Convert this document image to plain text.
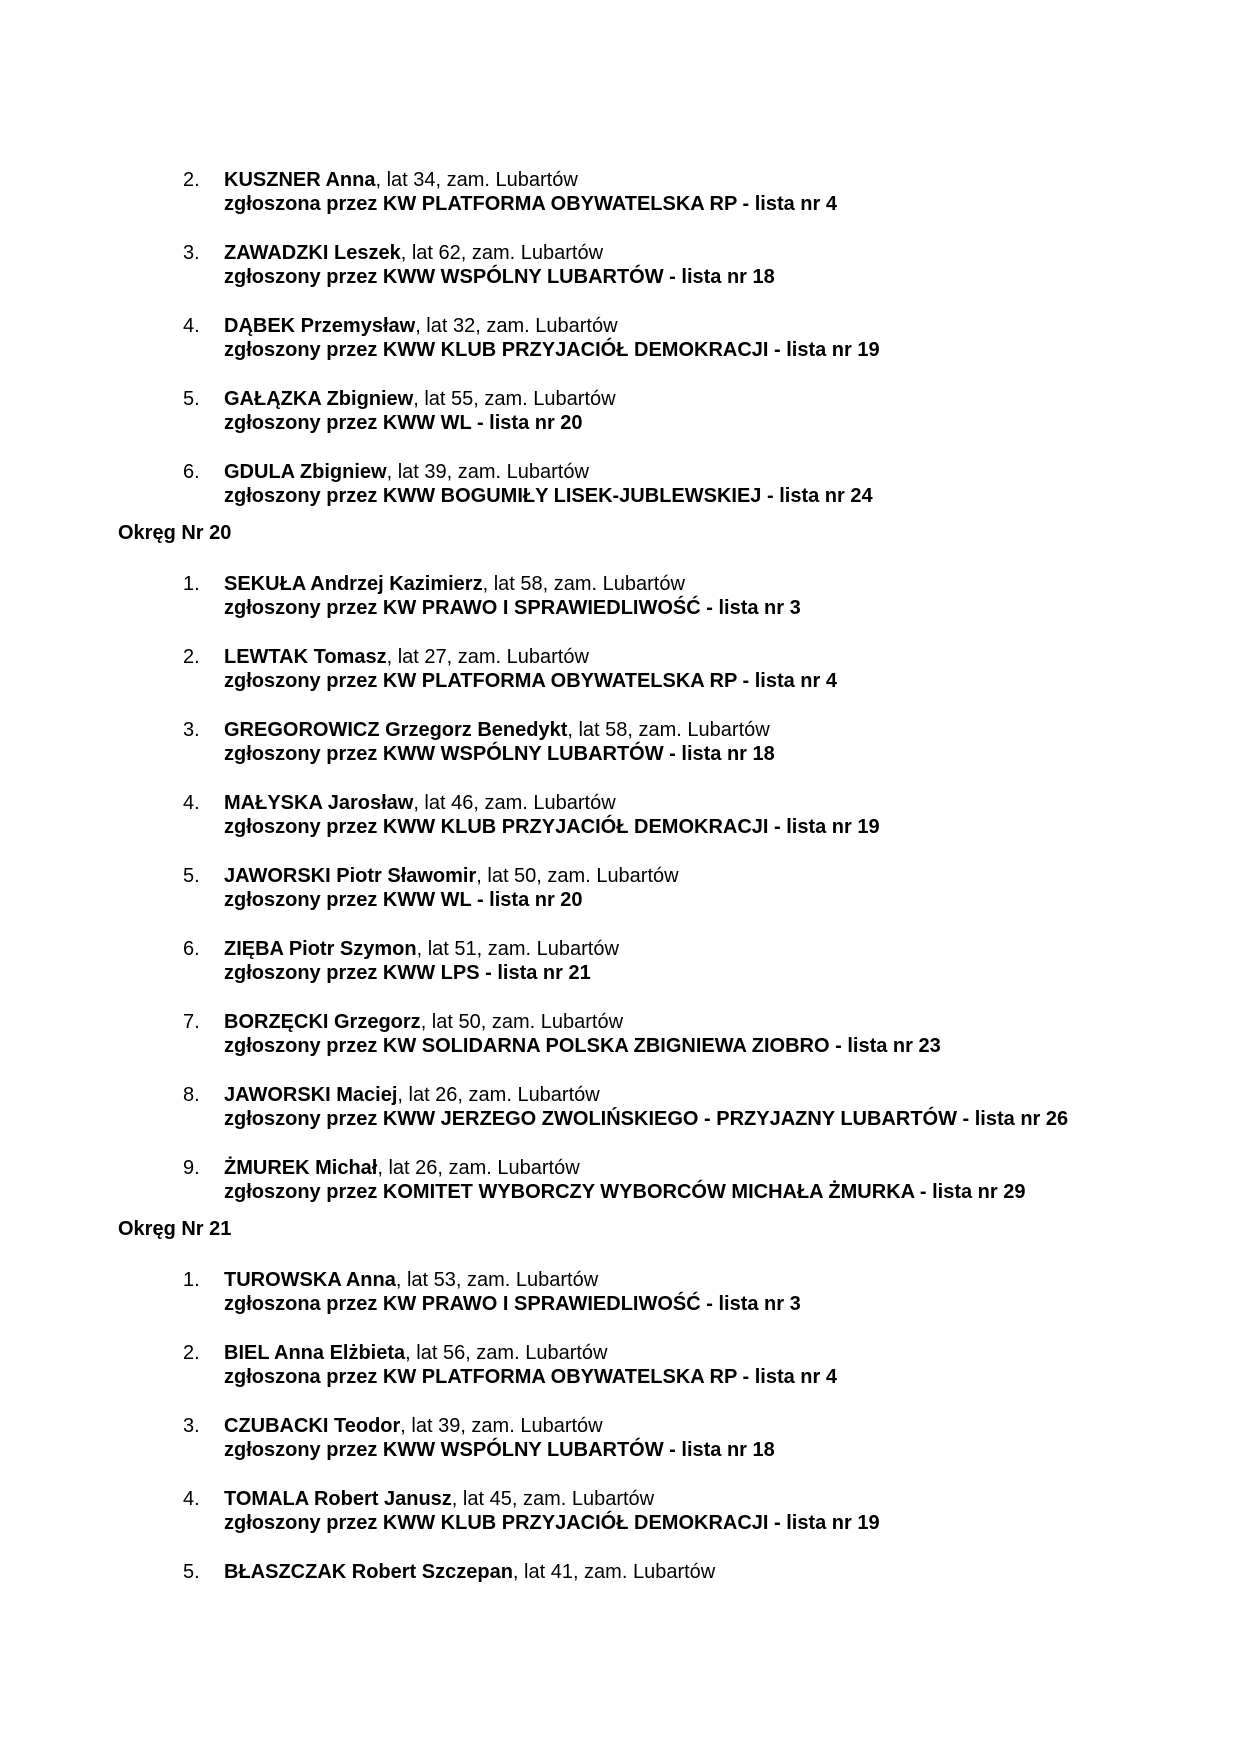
2.	KUSZNER Anna, lat 34, zam. Lubartów
zgłoszona przez KW PLATFORMA OBYWATELSKA RP - lista nr 4
3.	ZAWADZKI Leszek, lat 62, zam. Lubartów
zgłoszony przez KWW WSPÓLNY LUBARTÓW - lista nr 18
4.	DĄBEK Przemysław, lat 32, zam. Lubartów
zgłoszony przez KWW KLUB PRZYJACIÓŁ DEMOKRACJI - lista nr 19
5.	GAŁĄZKA Zbigniew, lat 55, zam. Lubartów
zgłoszony przez KWW WL - lista nr 20
6.	GDULA Zbigniew, lat 39, zam. Lubartów
zgłoszony przez KWW BOGUMIŁY LISEK-JUBLEWSKIEJ - lista nr 24
Okręg Nr 20
1.	SEKUŁA Andrzej Kazimierz, lat 58, zam. Lubartów
zgłoszony przez KW PRAWO I SPRAWIEDLIWOŚĆ - lista nr 3
2.	LEWTAK Tomasz, lat 27, zam. Lubartów
zgłoszony przez KW PLATFORMA OBYWATELSKA RP - lista nr 4
3.	GREGOROWICZ Grzegorz Benedykt, lat 58, zam. Lubartów
zgłoszony przez KWW WSPÓLNY LUBARTÓW - lista nr 18
4.	MAŁYSKA Jarosław, lat 46, zam. Lubartów
zgłoszony przez KWW KLUB PRZYJACIÓŁ DEMOKRACJI - lista nr 19
5.	JAWORSKI Piotr Sławomir, lat 50, zam. Lubartów
zgłoszony przez KWW WL - lista nr 20
6.	ZIĘBA Piotr Szymon, lat 51, zam. Lubartów
zgłoszony przez KWW LPS - lista nr 21
7.	BORZĘCKI Grzegorz, lat 50, zam. Lubartów
zgłoszony przez KW SOLIDARNA POLSKA ZBIGNIEWA ZIOBRO - lista nr 23
8.	JAWORSKI Maciej, lat 26, zam. Lubartów
zgłoszony przez KWW JERZEGO ZWOLIŃSKIEGO - PRZYJAZNY LUBARTÓW - lista nr 26
9.	ŻMUREK Michał, lat 26, zam. Lubartów
zgłoszony przez KOMITET WYBORCZY WYBORCÓW MICHAŁA ŻMURKA - lista nr 29
Okręg Nr 21
1.	TUROWSKA Anna, lat 53, zam. Lubartów
zgłoszona przez KW PRAWO I SPRAWIEDLIWOŚĆ - lista nr 3
2.	BIEL Anna Elżbieta, lat 56, zam. Lubartów
zgłoszona przez KW PLATFORMA OBYWATELSKA RP - lista nr 4
3.	CZUBACKI Teodor, lat 39, zam. Lubartów
zgłoszony przez KWW WSPÓLNY LUBARTÓW - lista nr 18
4.	TOMALA Robert Janusz, lat 45, zam. Lubartów
zgłoszony przez KWW KLUB PRZYJACIÓŁ DEMOKRACJI - lista nr 19
5.	BŁASZCZAK Robert Szczepan, lat 41, zam. Lubartów
